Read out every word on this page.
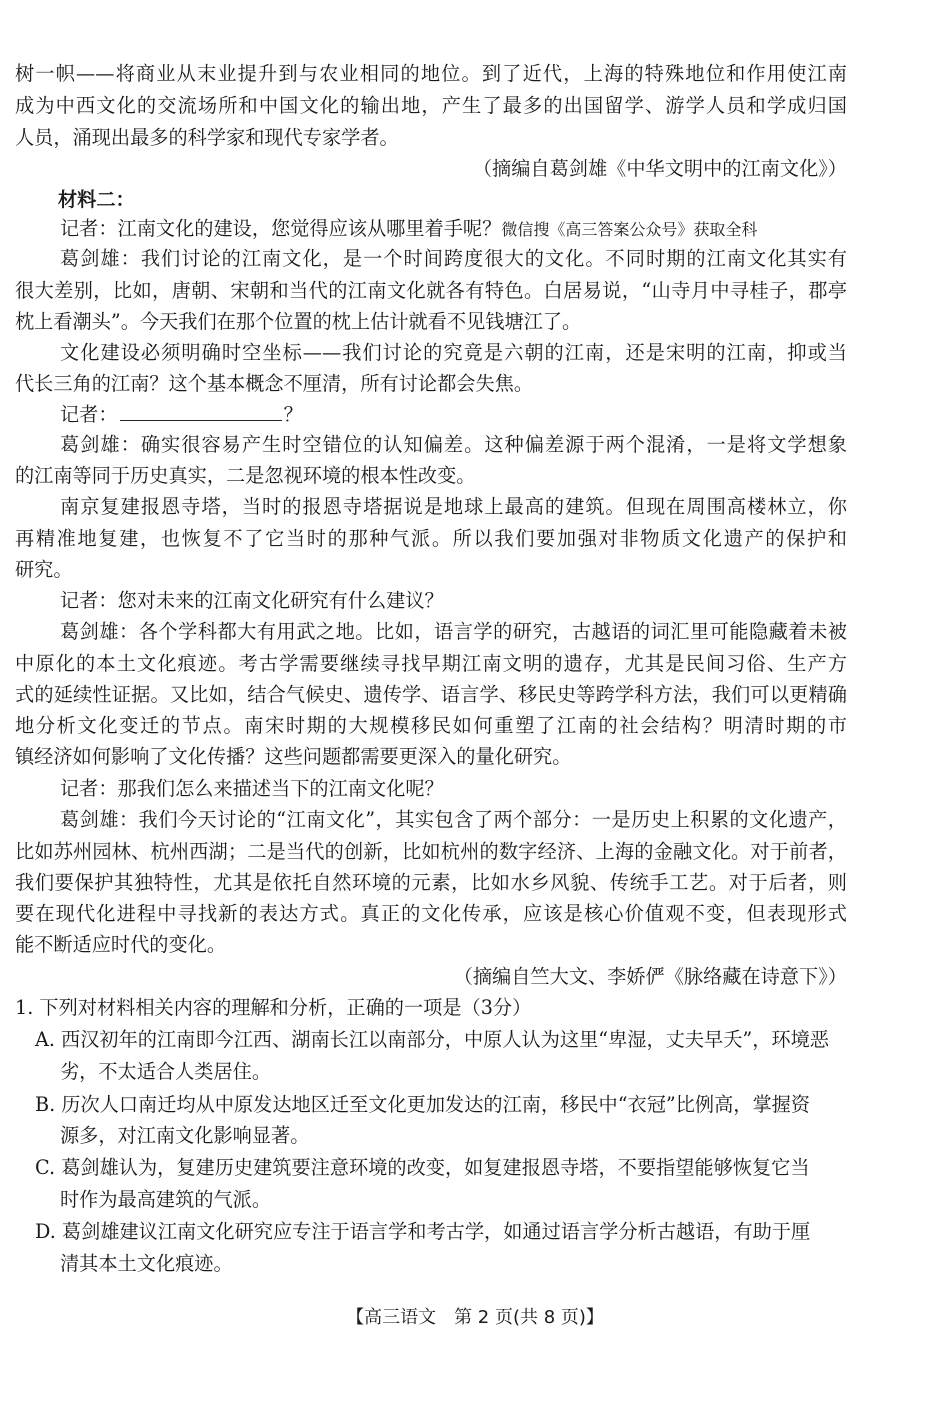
树一帜——将商业从末业提升到与农业相同的地位。到了近代，上海的特殊地位和作用使江南
成为中西文化的交流场所和中国文化的输出地，产生了最多的出国留学、游学人员和学成归国
人员，涌现出最多的科学家和现代专家学者。
（摘编自葛剑雄《中华文明中的江南文化》）
材料二：
记者：江南文化的建设，您觉得应该从哪里着手呢？微信搜《高三答案公众号》获取全科
葛剑雄：我们讨论的江南文化，是一个时间跨度很大的文化。不同时期的江南文化其实有
很大差别，比如，唐朝、宋朝和当代的江南文化就各有特色。白居易说，“山寺月中寻桂子，郡亭
枕上看潮头”。今天我们在那个位置的枕上估计就看不见钱塘江了。
文化建设必须明确时空坐标——我们讨论的究竟是六朝的江南，还是宋明的江南，抑或当
代长三角的江南？这个基本概念不厘清，所有讨论都会失焦。
记者：	？
葛剑雄：确实很容易产生时空错位的认知偏差。这种偏差源于两个混淆，一是将文学想象
的江南等同于历史真实，二是忽视环境的根本性改变。
南京复建报恩寺塔，当时的报恩寺塔据说是地球上最高的建筑。但现在周围高楼林立，你
再精准地复建，也恢复不了它当时的那种气派。所以我们要加强对非物质文化遗产的保护和
研究。
记者：您对未来的江南文化研究有什么建议？
葛剑雄：各个学科都大有用武之地。比如，语言学的研究，古越语的词汇里可能隐藏着未被
中原化的本土文化痕迹。考古学需要继续寻找早期江南文明的遗存，尤其是民间习俗、生产方
式的延续性证据。又比如，结合气候史、遗传学、语言学、移民史等跨学科方法，我们可以更精确
地分析文化变迁的节点。南宋时期的大规模移民如何重塑了江南的社会结构？明清时期的市
镇经济如何影响了文化传播？这些问题都需要更深入的量化研究。
记者：那我们怎么来描述当下的江南文化呢？
葛剑雄：我们今天讨论的“江南文化”，其实包含了两个部分：一是历史上积累的文化遗产，
比如苏州园林、杭州西湖；二是当代的创新，比如杭州的数字经济、上海的金融文化。对于前者，
我们要保护其独特性，尤其是依托自然环境的元素，比如水乡风貌、传统手工艺。对于后者，则
要在现代化进程中寻找新的表达方式。真正的文化传承，应该是核心价值观不变，但表现形式
能不断适应时代的变化。
（摘编自竺大文、李娇俨《脉络藏在诗意下》）
1. 下列对材料相关内容的理解和分析，正确的一项是（3分）
A. 西汉初年的江南即今江西、湖南长江以南部分，中原人认为这里“卑湿，丈夫早夭”，环境恶
劣，不太适合人类居住。
B. 历次人口南迁均从中原发达地区迁至文化更加发达的江南，移民中“衣冠”比例高，掌握资
源多，对江南文化影响显著。
C. 葛剑雄认为，复建历史建筑要注意环境的改变，如复建报恩寺塔，不要指望能够恢复它当
时作为最高建筑的气派。
D. 葛剑雄建议江南文化研究应专注于语言学和考古学，如通过语言学分析古越语，有助于厘
清其本土文化痕迹。
【高三语文　第 2 页(共 8 页)】
